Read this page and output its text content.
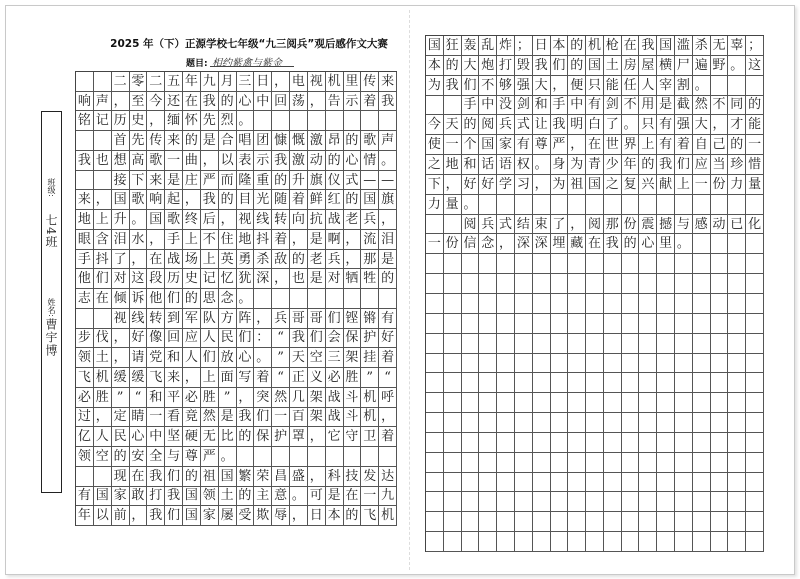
2025 年（下）正源学校七年级“九三阅兵”观后感作文大赛
题目: 相约紫禽与紫金
班级:
七4班
姓名:
曹宇博
二 零 二 五 年 九 月 三 日 ， 电 视 机 里 传 来
响 声 ， 至 今 还 在 我 的 心 中 回 荡 ， 告 示 着 我
铭 记 历 史 ， 缅 怀 先 烈 。
首 先 传 来 的 是 合 唱 团 慷 慨 激 昂 的 歌 声
我 也 想 高 歌 一 曲 ， 以 表 示 我 激 动 的 心 情 。
接 下 来 是 庄 严 而 隆 重 的 升 旗 仪 式 — —
来 ， 国 歌 响 起 ， 我 的 目 光 随 着 鲜 红 的 国 旗
地 上 升 。 国 歌 终 后 ， 视 线 转 向 抗 战 老 兵 ，
眼 含 泪 水 ， 手 上 不 住 地 抖 着 ， 是 啊 ， 流 泪
手 抖 了 ， 在 战 场 上 英 勇 杀 敌 的 老 兵 ， 那 是
他 们 对 这 段 历 史 记 忆 犹 深 ， 也 是 对 牺 牲 的
志 在 倾 诉 他 们 的 思 念 。
视 线 转 到 军 队 方 阵 ， 兵 哥 哥 们 铿 锵 有
步 伐 ， 好 像 回 应 人 民 们 ： “ 我 们 会 保 护 好
领 土 ， 请 党 和 人 们 放 心 。 ” 天 空 三 架 挂 着
飞 机 缓 缓 飞 来 ， 上 面 写 着 “ 正 义 必 胜 ” “
必 胜 ” “ 和 平 必 胜 ” ， 突 然 几 架 战 斗 机 呼
过 ， 定 睛 一 看 竟 然 是 我 们 一 百 架 战 斗 机 ，
亿 人 民 心 中 坚 硬 无 比 的 保 护 罩 ， 它 守 卫 着
领 空 的 安 全 与 尊 严 。
现 在 我 们 的 祖 国 繁 荣 昌 盛 ， 科 技 发 达
有 国 家 敢 打 我 国 领 土 的 主 意 。 可 是 在 一 九
年 以 前 ， 我 们 国 家 屡 受 欺 辱 ， 日 本 的 飞 机
国 狂 轰 乱 炸 ； 日 本 的 机 枪 在 我 国 滥 杀 无 辜 ；
本 的 大 炮 打 毁 我 们 的 国 土 房 屋 横 尸 遍 野 。 这
为 我 们 不 够 强 大 ， 便 只 能 任 人 宰 割 。
手 中 没 剑 和 手 中 有 剑 不 用 是 截 然 不 同 的
今 天 的 阅 兵 式 让 我 明 白 了 。 只 有 强 大 ， 才 能
使 一 个 国 家 有 尊 严 ， 在 世 界 上 有 着 自 己 的 一
之 地 和 话 语 权 。 身 为 青 少 年 的 我 们 应 当 珍 惜
下 ， 好 好 学 习 ， 为 祖 国 之 复 兴 献 上 一 份 力 量
力 量 。
阅 兵 式 结 束 了 ， 阅 那 份 震 撼 与 感 动 已 化
一 份 信 念 ， 深 深 埋 藏 在 我 的 心 里 。
